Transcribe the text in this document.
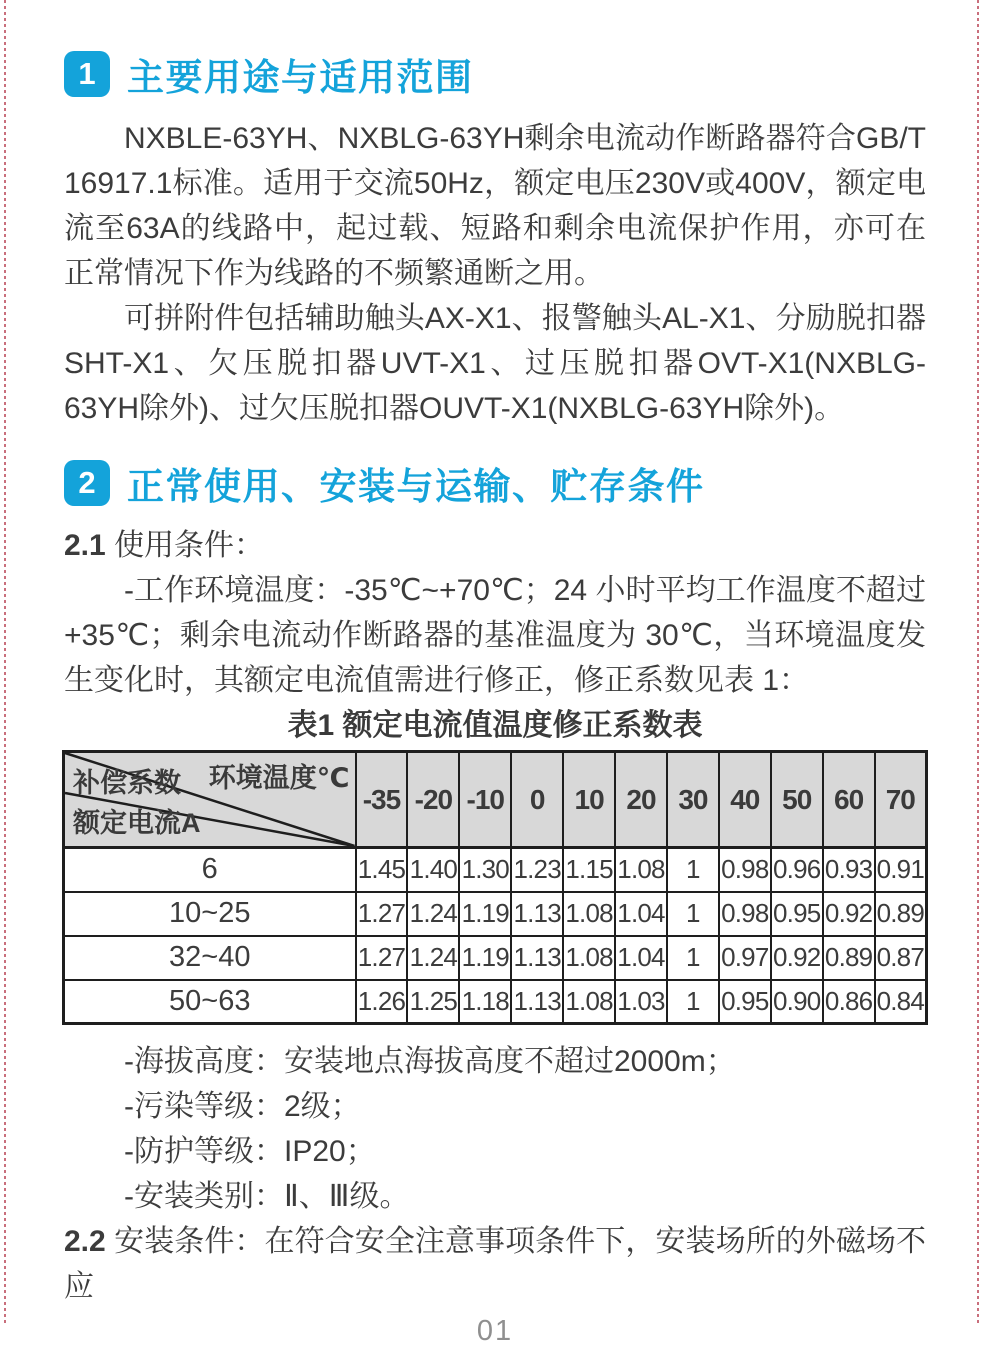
1 主要用途与适用范围

NXBLE-63YH、NXBLG-63YH剩余电流动作断路器符合GB/T 16917.1标准。适用于交流50Hz，额定电压230V或400V，额定电流至63A的线路中，起过载、短路和剩余电流保护作用，亦可在正常情况下作为线路的不频繁通断之用。

可拼附件包括辅助触头AX-X1、报警触头AL-X1、分励脱扣器SHT-X1、欠压脱扣器UVT-X1、过压脱扣器OVT-X1(NXBLG-63YH除外)、过欠压脱扣器OUVT-X1(NXBLG-63YH除外)。

2 正常使用、安装与运输、贮存条件

2.1 使用条件：

-工作环境温度：-35℃~+70℃；24 小时平均工作温度不超过+35℃；剩余电流动作断路器的基准温度为 30℃，当环境温度发生变化时，其额定电流值需进行修正，修正系数见表 1：

表1 额定电流值温度修正系数表
环境温度℃
补偿系数
额定电流A	-35	-20	-10	0	10	20	30	40	50	60	70
6	1.45	1.40	1.30	1.23	1.15	1.08	1	0.98	0.96	0.93	0.91
10~25	1.27	1.24	1.19	1.13	1.08	1.04	1	0.98	0.95	0.92	0.89
32~40	1.27	1.24	1.19	1.13	1.08	1.04	1	0.97	0.92	0.89	0.87
50~63	1.26	1.25	1.18	1.13	1.08	1.03	1	0.95	0.90	0.86	0.84

-海拔高度：安装地点海拔高度不超过2000m；

-污染等级：2级；

-防护等级：IP20；

-安装类别：Ⅱ、Ⅲ级。

2.2 安装条件：在符合安全注意事项条件下，安装场所的外磁场不应

01
